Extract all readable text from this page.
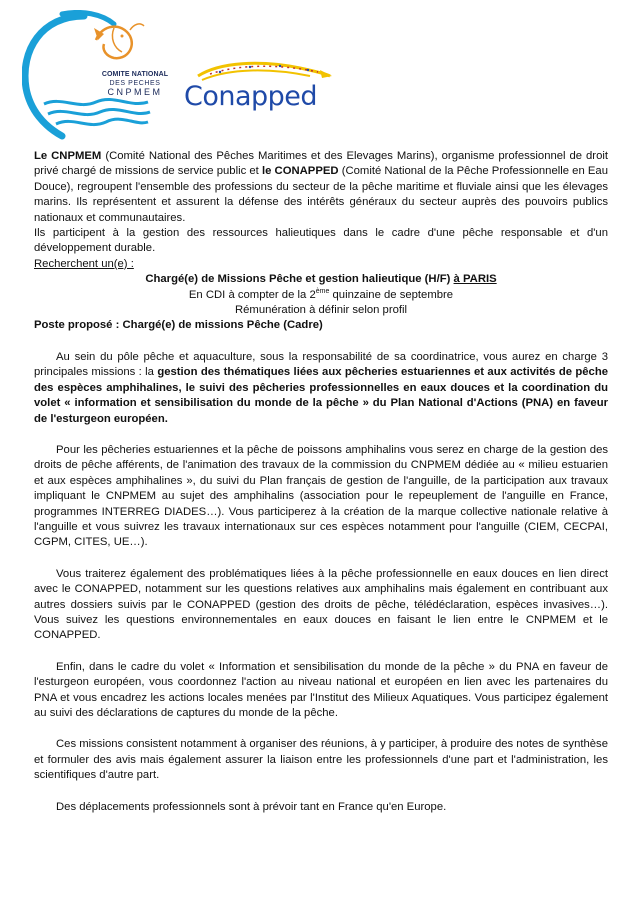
COMITE NATIONAL
DES PECHES
CNPMEM Conapped

Le CNPMEM (Comité National des Pêches Maritimes et des Elevages Marins), organisme professionnel de droit privé chargé de missions de service public et le CONAPPED (Comité National de la Pêche Professionnelle en Eau Douce), regroupent l'ensemble des professions du secteur de la pêche maritime et fluviale ainsi que les élevages marins. Ils représentent et assurent la défense des intérêts généraux du secteur auprès des pouvoirs publics nationaux et communautaires.

Ils participent à la gestion des ressources halieutiques dans le cadre d'une pêche responsable et d'un développement durable.

Recherchent un(e) :

Chargé(e) de Missions Pêche et gestion halieutique (H/F) à PARIS

En CDI à compter de la 2ème quinzaine de septembre

Rémunération à définir selon profil

Poste proposé : Chargé(e) de missions Pêche (Cadre)

Au sein du pôle pêche et aquaculture, sous la responsabilité de sa coordinatrice, vous aurez en charge 3 principales missions : la gestion des thématiques liées aux pêcheries estuariennes et aux activités de pêche des espèces amphihalines, le suivi des pêcheries professionnelles en eaux douces et la coordination du volet « information et sensibilisation du monde de la pêche » du Plan National d'Actions (PNA) en faveur de l'esturgeon européen.

Pour les pêcheries estuariennes et la pêche de poissons amphihalins vous serez en charge de la gestion des droits de pêche afférents, de l'animation des travaux de la commission du CNPMEM dédiée au « milieu estuarien et aux espèces amphihalines », du suivi du Plan français de gestion de l'anguille, de la participation aux travaux impliquant le CNPMEM au sujet des amphihalins (association pour le repeuplement de l'anguille en France, programmes INTERREG DIADES…). Vous participerez à la création de la marque collective nationale relative à l'anguille et vous suivrez les travaux internationaux sur ces espèces notamment pour l'anguille (CIEM, CECPAI, CGPM, CITES, UE…).

Vous traiterez également des problématiques liées à la pêche professionnelle en eaux douces en lien direct avec le CONAPPED, notamment sur les questions relatives aux amphihalins mais également en contribuant aux autres dossiers suivis par le CONAPPED (gestion des droits de pêche, télédéclaration, espèces invasives…). Vous suivez les questions environnementales en eaux douces en faisant le lien entre le CNPMEM et le CONAPPED.

Enfin, dans le cadre du volet « Information et sensibilisation du monde de la pêche » du PNA en faveur de l'esturgeon européen, vous coordonnez l'action au niveau national et européen en lien avec les partenaires du PNA et vous encadrez les actions locales menées par l'Institut des Milieux Aquatiques. Vous participez également au suivi des déclarations de captures du monde de la pêche.

Ces missions consistent notamment à organiser des réunions, à y participer, à produire des notes de synthèse et formuler des avis mais également assurer la liaison entre les professionnels d'une part et l'administration, les scientifiques d'autre part.

Des déplacements professionnels sont à prévoir tant en France qu'en Europe.
